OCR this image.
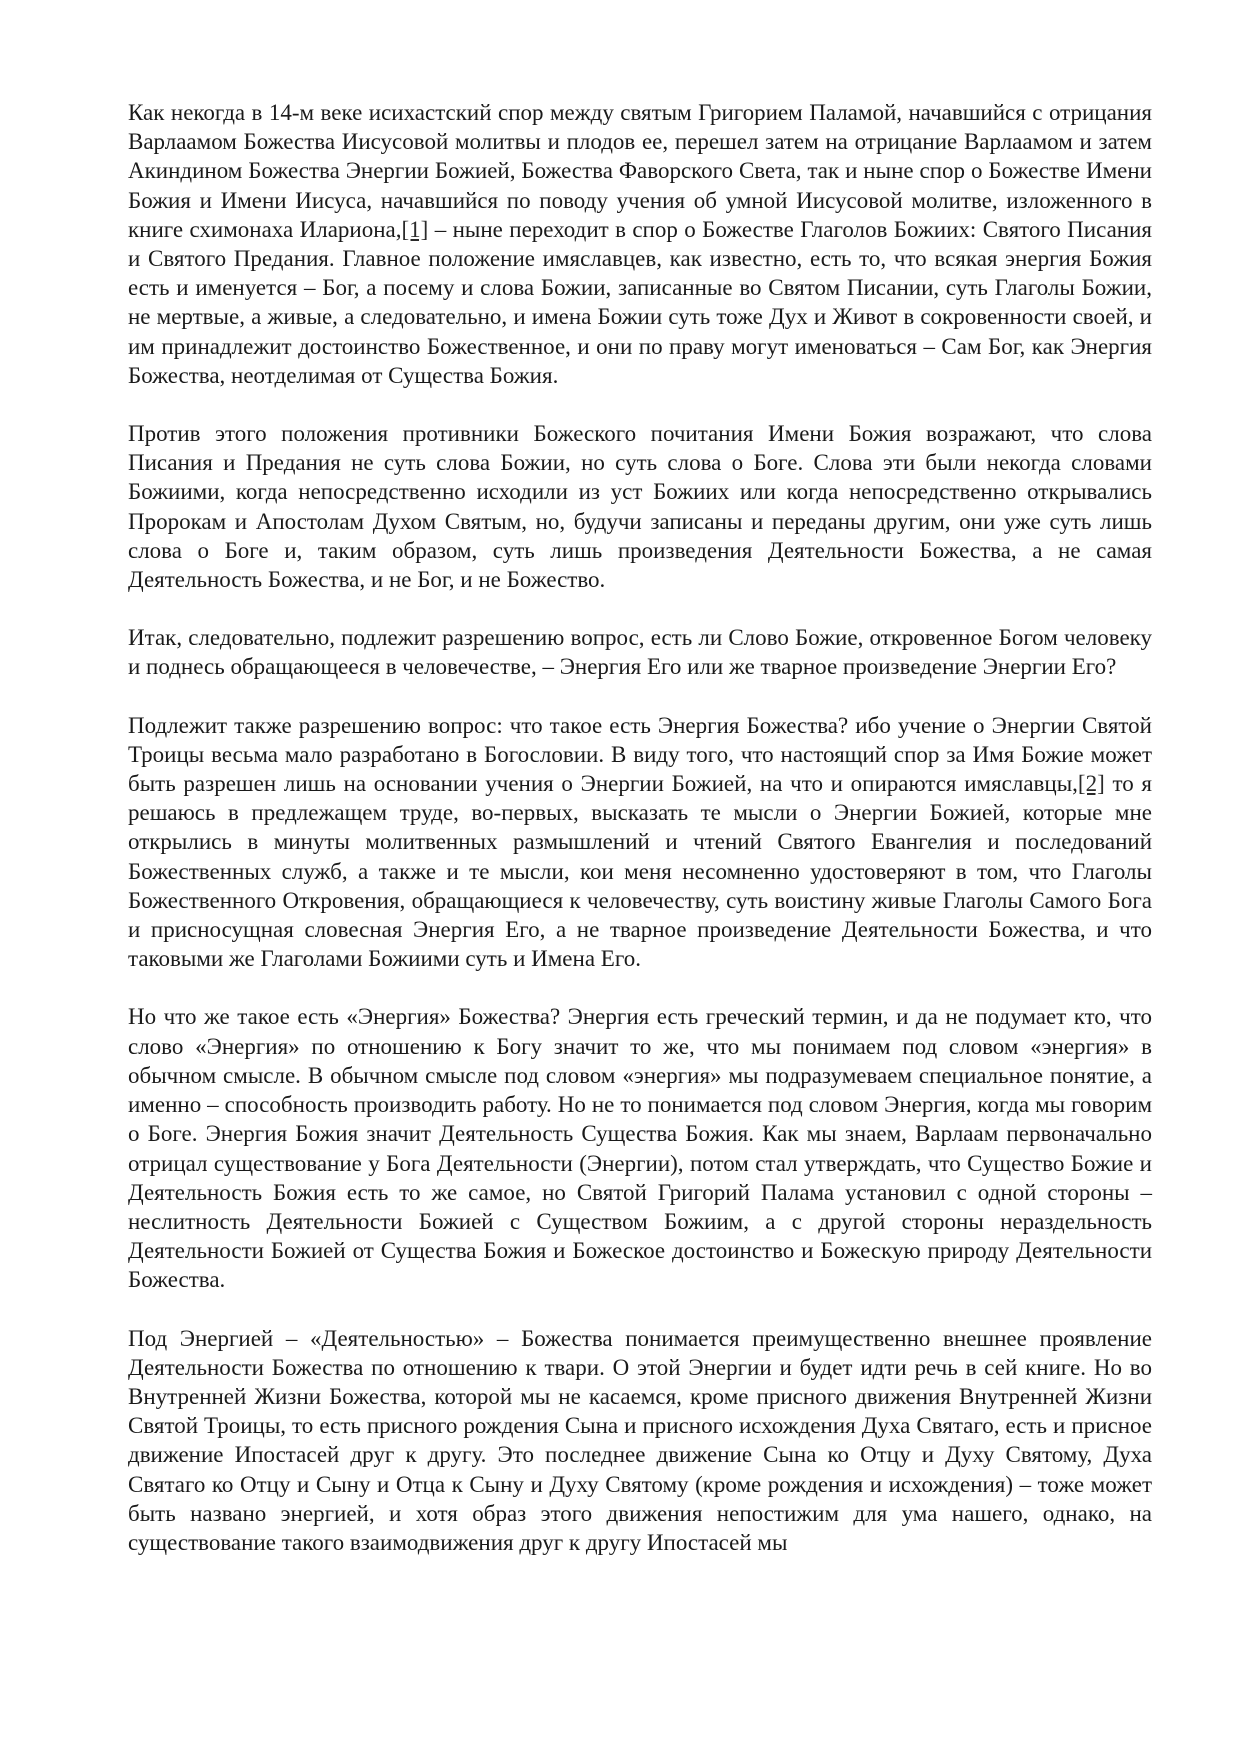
Как некогда в 14-м веке исихастский спор между святым Григорием Паламой, начавшийся с отрицания Варлаамом Божества Иисусовой молитвы и плодов ее, перешел затем на отрицание Варлаамом и затем Акиндином Божества Энергии Божией, Божества Фаворского Света, так и ныне спор о Божестве Имени Божия и Имени Иисуса, начавшийся по поводу учения об умной Иисусовой молитве, изложенного в книге схимонаха Илариона,[1] – ныне переходит в спор о Божестве Глаголов Божиих: Святого Писания и Святого Предания. Главное положение имяславцев, как известно, есть то, что всякая энергия Божия есть и именуется – Бог, а посему и слова Божии, записанные во Святом Писании, суть Глаголы Божии, не мертвые, а живые, а следовательно, и имена Божии суть тоже Дух и Живот в сокровенности своей, и им принадлежит достоинство Божественное, и они по праву могут именоваться – Сам Бог, как Энергия Божества, неотделимая от Существа Божия.

Против этого положения противники Божеского почитания Имени Божия возражают, что слова Писания и Предания не суть слова Божии, но суть слова о Боге. Слова эти были некогда словами Божиими, когда непосредственно исходили из уст Божиих или когда непосредственно открывались Пророкам и Апостолам Духом Святым, но, будучи записаны и переданы другим, они уже суть лишь слова о Боге и, таким образом, суть лишь произведения Деятельности Божества, а не самая Деятельность Божества, и не Бог, и не Божество.

Итак, следовательно, подлежит разрешению вопрос, есть ли Слово Божие, откровенное Богом человеку и поднесь обращающееся в человечестве, – Энергия Его или же тварное произведение Энергии Его?

Подлежит также разрешению вопрос: что такое есть Энергия Божества? ибо учение о Энергии Святой Троицы весьма мало разработано в Богословии. В виду того, что настоящий спор за Имя Божие может быть разрешен лишь на основании учения о Энергии Божией, на что и опираются имяславцы,[2] то я решаюсь в предлежащем труде, во-первых, высказать те мысли о Энергии Божией, которые мне открылись в минуты молитвенных размышлений и чтений Святого Евангелия и последований Божественных служб, а также и те мысли, кои меня несомненно удостоверяют в том, что Глаголы Божественного Откровения, обращающиеся к человечеству, суть воистину живые Глаголы Самого Бога и присносущная словесная Энергия Его, а не тварное произведение Деятельности Божества, и что таковыми же Глаголами Божиими суть и Имена Его.

Но что же такое есть «Энергия» Божества? Энергия есть греческий термин, и да не подумает кто, что слово «Энергия» по отношению к Богу значит то же, что мы понимаем под словом «энергия» в обычном смысле. В обычном смысле под словом «энергия» мы подразумеваем специальное понятие, а именно – способность производить работу. Но не то понимается под словом Энергия, когда мы говорим о Боге. Энергия Божия значит Деятельность Существа Божия. Как мы знаем, Варлаам первоначально отрицал существование у Бога Деятельности (Энергии), потом стал утверждать, что Существо Божие и Деятельность Божия есть то же самое, но Святой Григорий Палама установил с одной стороны – неслитность Деятельности Божией с Существом Божиим, а с другой стороны нераздельность Деятельности Божией от Существа Божия и Божеское достоинство и Божескую природу Деятельности Божества.

Под Энергией – «Деятельностью» – Божества понимается преимущественно внешнее проявление Деятельности Божества по отношению к твари. О этой Энергии и будет идти речь в сей книге. Но во Внутренней Жизни Божества, которой мы не касаемся, кроме присного движения Внутренней Жизни Святой Троицы, то есть присного рождения Сына и присного исхождения Духа Святаго, есть и присное движение Ипостасей друг к другу. Это последнее движение Сына ко Отцу и Духу Святому, Духа Святаго ко Отцу и Сыну и Отца к Сыну и Духу Святому (кроме рождения и исхождения) – тоже может быть названо энергией, и хотя образ этого движения непостижим для ума нашего, однако, на существование такого взаимодвижения друг к другу Ипостасей мы
